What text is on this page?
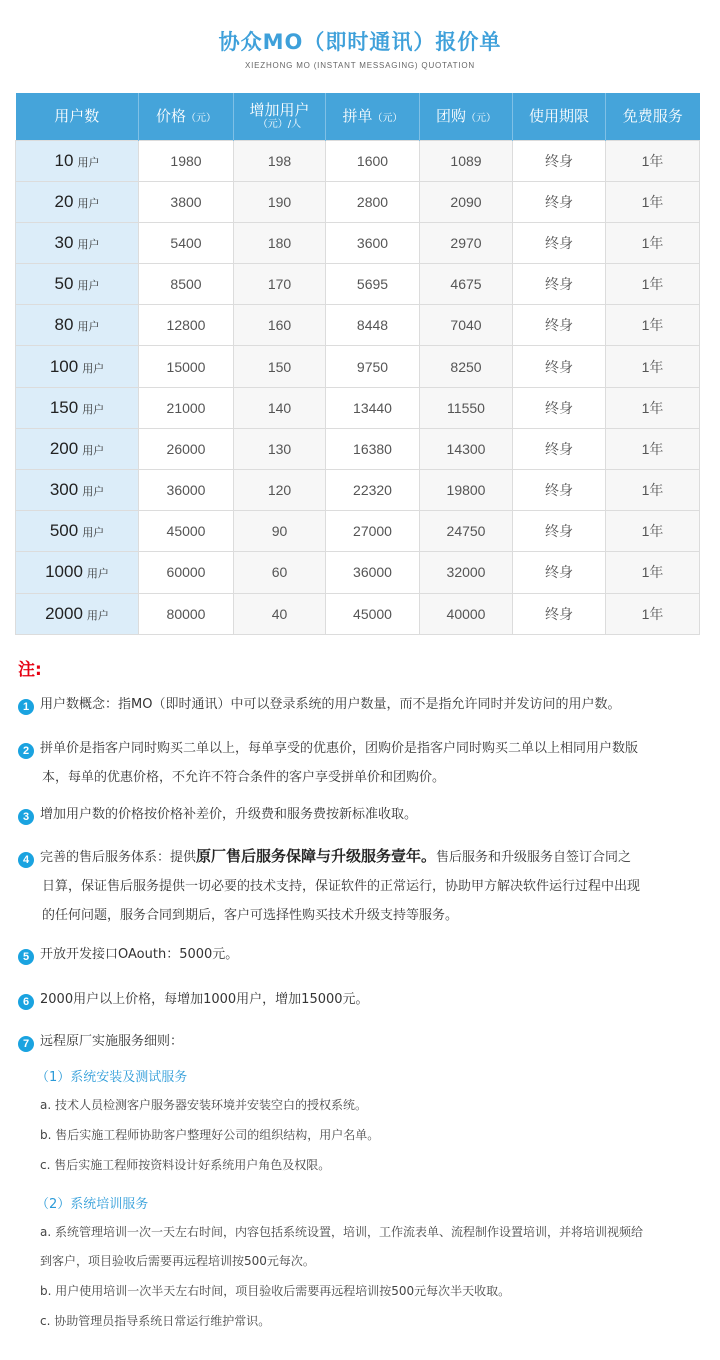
协众MO（即时通讯）报价单
XIEZHONG MO (INSTANT MESSAGING) QUOTATION
用户数	价格（元）	增加用户
（元）/人	拼单（元）	团购（元）	使用期限	免费服务
10 用户	1980	198	1600	1089	终身	1年
20 用户	3800	190	2800	2090	终身	1年
30 用户	5400	180	3600	2970	终身	1年
50 用户	8500	170	5695	4675	终身	1年
80 用户	12800	160	8448	7040	终身	1年
100 用户	15000	150	9750	8250	终身	1年
150 用户	21000	140	13440	11550	终身	1年
200 用户	26000	130	16380	14300	终身	1年
300 用户	36000	120	22320	19800	终身	1年
500 用户	45000	90	27000	24750	终身	1年
1000 用户	60000	60	36000	32000	终身	1年
2000 用户	80000	40	45000	40000	终身	1年
注:
1 用户数概念：指MO（即时通讯）中可以登录系统的用户数量，而不是指允许同时并发访问的用户数。
2 拼单价是指客户同时购买二单以上，每单享受的优惠价，团购价是指客户同时购买二单以上相同用户数版
本，每单的优惠价格，不允许不符合条件的客户享受拼单价和团购价。
3 增加用户数的价格按价格补差价，升级费和服务费按新标准收取。
4 完善的售后服务体系：提供原厂售后服务保障与升级服务壹年。售后服务和升级服务自签订合同之
日算，保证售后服务提供一切必要的技术支持，保证软件的正常运行，协助甲方解决软件运行过程中出现
的任何问题，服务合同到期后，客户可选择性购买技术升级支持等服务。
5 开放开发接口OAouth：5000元。
6 2000用户以上价格，每增加1000用户，增加15000元。
7 远程原厂实施服务细则：
（1）系统安装及测试服务
a. 技术人员检测客户服务器安装环境并安装空白的授权系统。
b. 售后实施工程师协助客户整理好公司的组织结构，用户名单。
c. 售后实施工程师按资料设计好系统用户角色及权限。
（2）系统培训服务
a. 系统管理培训一次一天左右时间，内容包括系统设置，培训，工作流表单、流程制作设置培训，并将培训视频给
到客户，项目验收后需要再远程培训按500元每次。
b. 用户使用培训一次半天左右时间，项目验收后需要再远程培训按500元每次半天收取。
c. 协助管理员指导系统日常运行维护常识。
